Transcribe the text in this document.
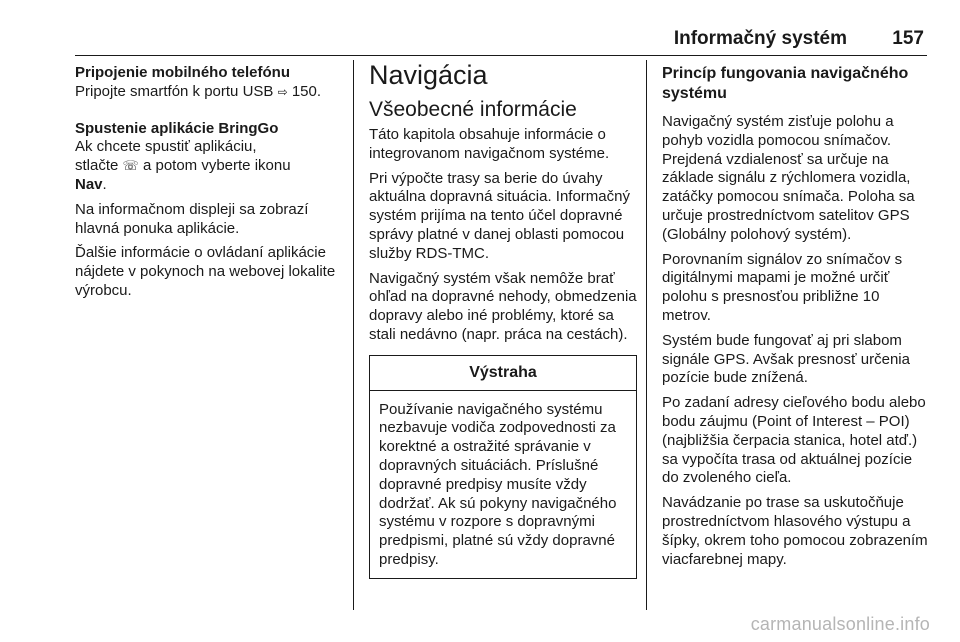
Informačný systém 157
Pripojenie mobilného telefónu
Pripojte smartfón k portu USB ⇨ 150.
Spustenie aplikácie BringGo
Ak chcete spustiť aplikáciu,
stlačte ☏ a potom vyberte ikonu
Nav.
Na informačnom displeji sa zobrazí hlavná ponuka aplikácie.
Ďalšie informácie o ovládaní aplikácie nájdete v pokynoch na webovej lokalite výrobcu.
Navigácia
Všeobecné informácie
Táto kapitola obsahuje informácie o integrovanom navigačnom systéme.
Pri výpočte trasy sa berie do úvahy aktuálna dopravná situácia. Informačný systém prijíma na tento účel dopravné správy platné v danej oblasti pomocou služby RDS-TMC.
Navigačný systém však nemôže brať ohľad na dopravné nehody, obmedzenia dopravy alebo iné problémy, ktoré sa stali nedávno (napr. práca na cestách).
Výstraha
Používanie navigačného systému nezbavuje vodiča zodpovednosti za korektné a ostražité správanie v dopravných situáciách. Príslušné dopravné predpisy musíte vždy dodržať. Ak sú pokyny navigačného systému v rozpore s dopravnými predpismi, platné sú vždy dopravné predpisy.
Princíp fungovania navigačného systému
Navigačný systém zisťuje polohu a pohyb vozidla pomocou snímačov. Prejdená vzdialenosť sa určuje na základe signálu z rýchlomera vozidla, zatáčky pomocou snímača. Poloha sa určuje prostredníctvom satelitov GPS (Globálny polohový systém).
Porovnaním signálov zo snímačov s digitálnymi mapami je možné určiť polohu s presnosťou približne 10 metrov.
Systém bude fungovať aj pri slabom signále GPS. Avšak presnosť určenia pozície bude znížená.
Po zadaní adresy cieľového bodu alebo bodu záujmu (Point of Interest – POI) (najbližšia čerpacia stanica, hotel atď.) sa vypočíta trasa od aktuálnej pozície do zvoleného cieľa.
Navádzanie po trase sa uskutočňuje prostredníctvom hlasového výstupu a šípky, okrem toho pomocou zobrazením viacfarebnej mapy.
carmanualsonline.info
